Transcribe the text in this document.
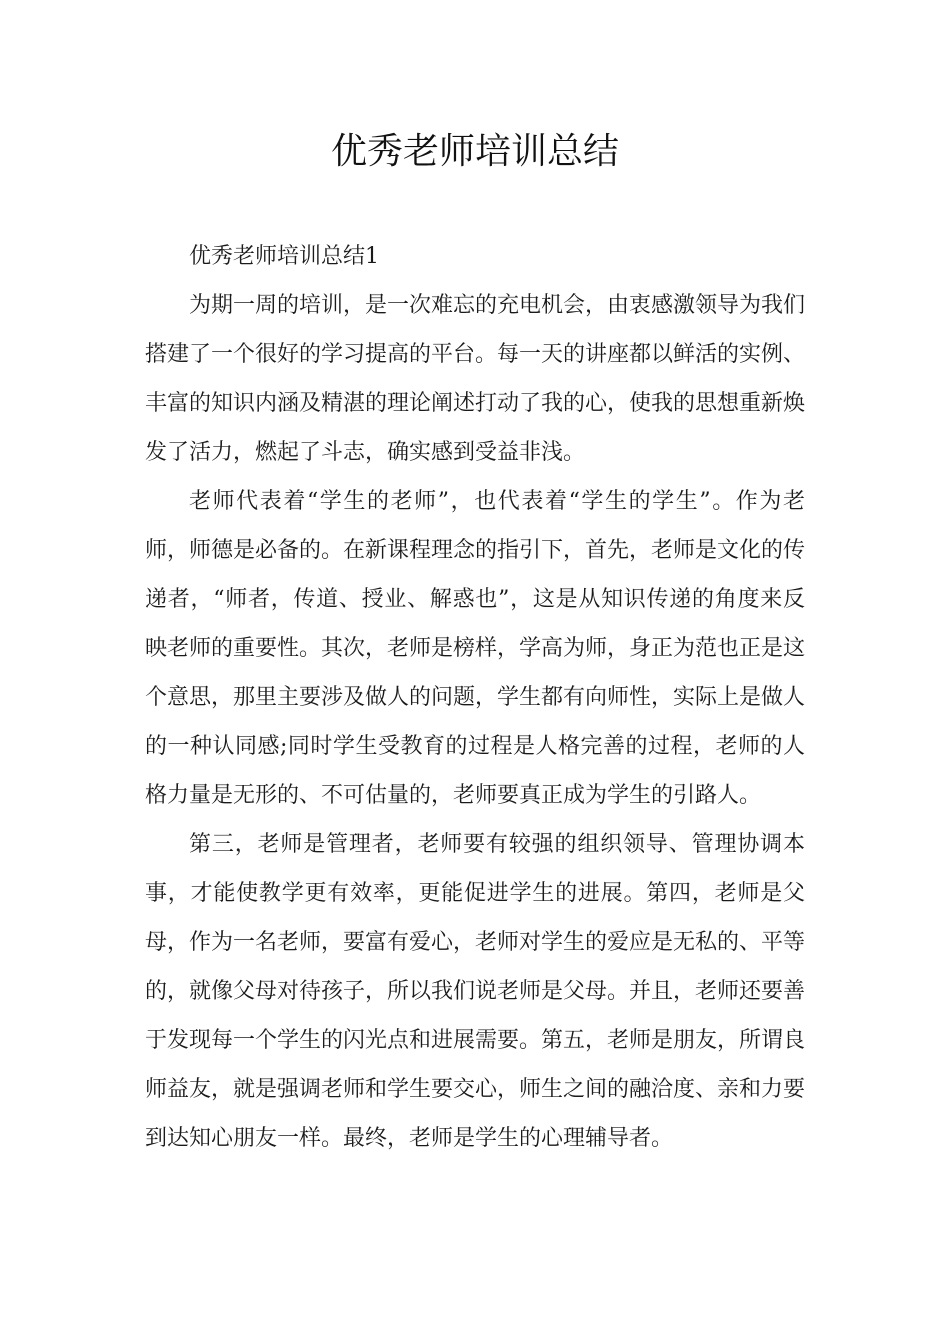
优秀老师培训总结

优秀老师培训总结1

为期一周的培训，是一次难忘的充电机会，由衷感激领导为我们搭建了一个很好的学习提高的平台。每一天的讲座都以鲜活的实例、丰富的知识内涵及精湛的理论阐述打动了我的心，使我的思想重新焕发了活力，燃起了斗志，确实感到受益非浅。

老师代表着“学生的老师”，也代表着“学生的学生”。作为老师，师德是必备的。在新课程理念的指引下，首先，老师是文化的传递者，“师者，传道、授业、解惑也”，这是从知识传递的角度来反映老师的重要性。其次，老师是榜样，学高为师，身正为范也正是这个意思，那里主要涉及做人的问题，学生都有向师性，实际上是做人的一种认同感;同时学生受教育的过程是人格完善的过程，老师的人格力量是无形的、不可估量的，老师要真正成为学生的引路人。

第三，老师是管理者，老师要有较强的组织领导、管理协调本事，才能使教学更有效率，更能促进学生的进展。第四，老师是父母，作为一名老师，要富有爱心，老师对学生的爱应是无私的、平等的，就像父母对待孩子，所以我们说老师是父母。并且，老师还要善于发现每一个学生的闪光点和进展需要。第五，老师是朋友，所谓良师益友，就是强调老师和学生要交心，师生之间的融洽度、亲和力要到达知心朋友一样。最终，老师是学生的心理辅导者。
